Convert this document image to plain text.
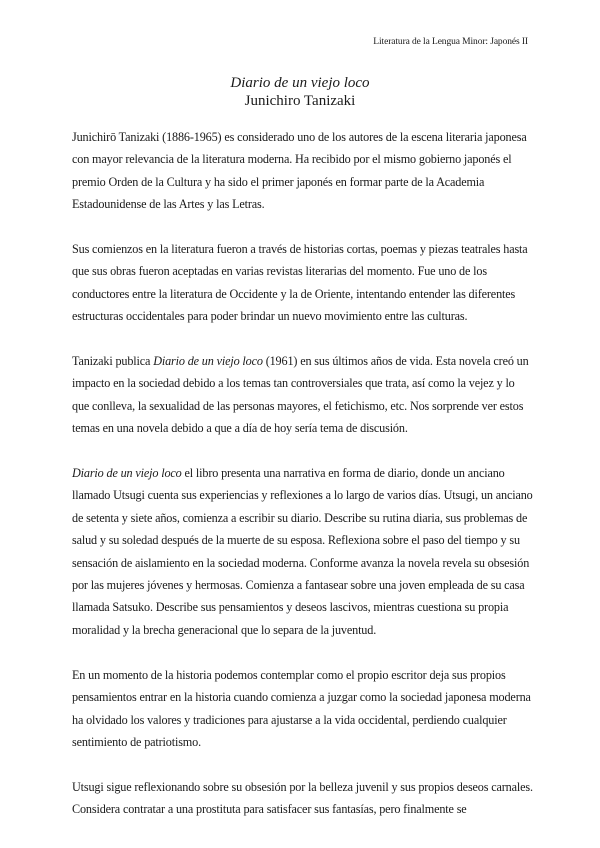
Literatura de la Lengua Minor: Japonés II
Diario de un viejo loco
Junichiro Tanizaki

Junichirō Tanizaki (1886-1965) es considerado uno de los autores de la escena literaria japonesa con mayor relevancia de la literatura moderna. Ha recibido por el mismo gobierno japonés el premio Orden de la Cultura y ha sido el primer japonés en formar parte de la Academia Estadounidense de las Artes y las Letras.

Sus comienzos en la literatura fueron a través de historias cortas, poemas y piezas teatrales hasta que sus obras fueron aceptadas en varias revistas literarias del momento. Fue uno de los conductores entre la literatura de Occidente y la de Oriente, intentando entender las diferentes estructuras occidentales para poder brindar un nuevo movimiento entre las culturas.

Tanizaki publica Diario de un viejo loco (1961) en sus últimos años de vida. Esta novela creó un impacto en la sociedad debido a los temas tan controversiales que trata, así como la vejez y lo que conlleva, la sexualidad de las personas mayores, el fetichismo, etc. Nos sorprende ver estos temas en una novela debido a que a día de hoy sería tema de discusión.

Diario de un viejo loco el libro presenta una narrativa en forma de diario, donde un anciano llamado Utsugi cuenta sus experiencias y reflexiones a lo largo de varios días. Utsugi, un anciano de setenta y siete años, comienza a escribir su diario. Describe su rutina diaria, sus problemas de salud y su soledad después de la muerte de su esposa. Reflexiona sobre el paso del tiempo y su sensación de aislamiento en la sociedad moderna. Conforme avanza la novela revela su obsesión por las mujeres jóvenes y hermosas. Comienza a fantasear sobre una joven empleada de su casa llamada Satsuko. Describe sus pensamientos y deseos lascivos, mientras cuestiona su propia moralidad y la brecha generacional que lo separa de la juventud.

En un momento de la historia podemos contemplar como el propio escritor deja sus propios pensamientos entrar en la historia cuando comienza a juzgar como la sociedad japonesa moderna ha olvidado los valores y tradiciones para ajustarse a la vida occidental, perdiendo cualquier sentimiento de patriotismo.

Utsugi sigue reflexionando sobre su obsesión por la belleza juvenil y sus propios deseos carnales. Considera contratar a una prostituta para satisfacer sus fantasías, pero finalmente se
